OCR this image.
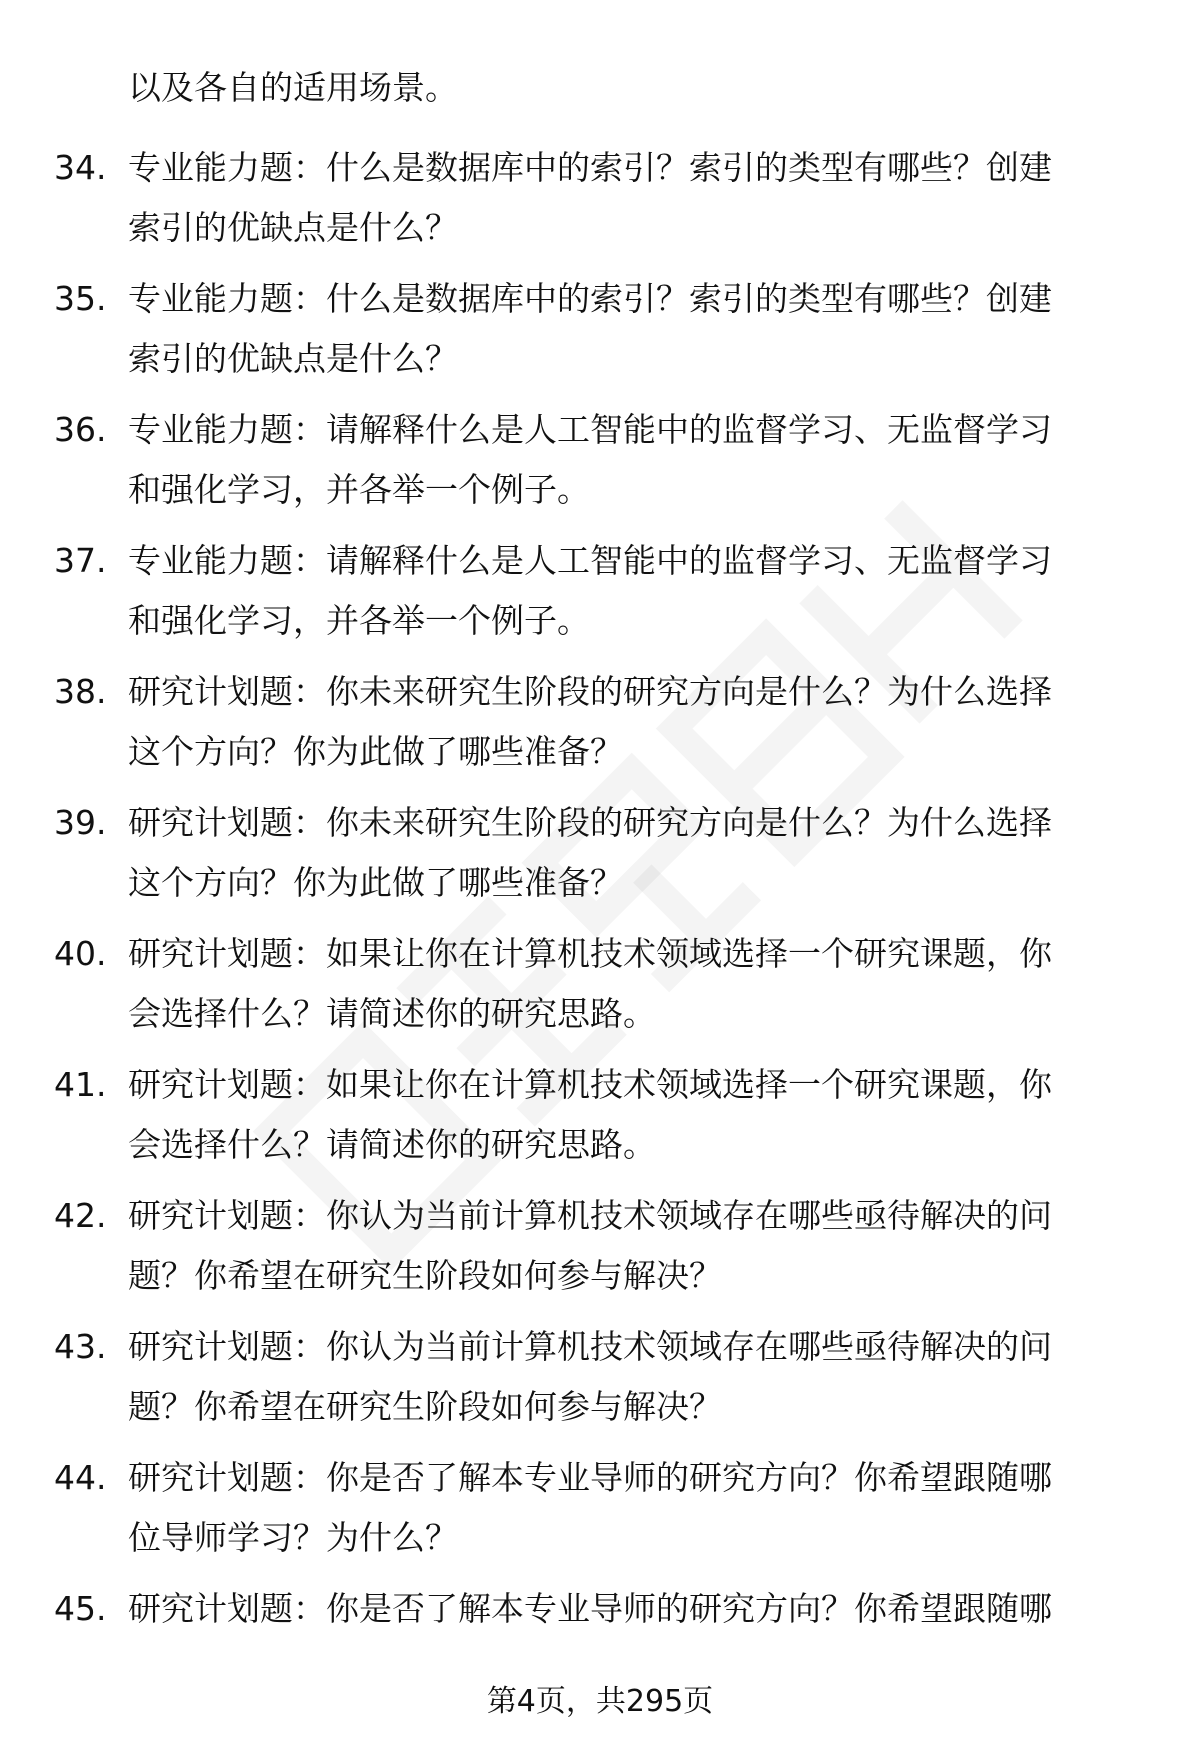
以及各自的适用场景。
34. 专业能力题：什么是数据库中的索引？索引的类型有哪些？创建
索引的优缺点是什么？
35. 专业能力题：什么是数据库中的索引？索引的类型有哪些？创建
索引的优缺点是什么？
36. 专业能力题：请解释什么是人工智能中的监督学习、无监督学习
和强化学习，并各举一个例子。
37. 专业能力题：请解释什么是人工智能中的监督学习、无监督学习
和强化学习，并各举一个例子。
38. 研究计划题：你未来研究生阶段的研究方向是什么？为什么选择
这个方向？你为此做了哪些准备？
39. 研究计划题：你未来研究生阶段的研究方向是什么？为什么选择
这个方向？你为此做了哪些准备？
40. 研究计划题：如果让你在计算机技术领域选择一个研究课题，你
会选择什么？请简述你的研究思路。
41. 研究计划题：如果让你在计算机技术领域选择一个研究课题，你
会选择什么？请简述你的研究思路。
42. 研究计划题：你认为当前计算机技术领域存在哪些亟待解决的问
题？你希望在研究生阶段如何参与解决？
43. 研究计划题：你认为当前计算机技术领域存在哪些亟待解决的问
题？你希望在研究生阶段如何参与解决？
44. 研究计划题：你是否了解本专业导师的研究方向？你希望跟随哪
位导师学习？为什么？
45. 研究计划题：你是否了解本专业导师的研究方向？你希望跟随哪
第4页，共295页
